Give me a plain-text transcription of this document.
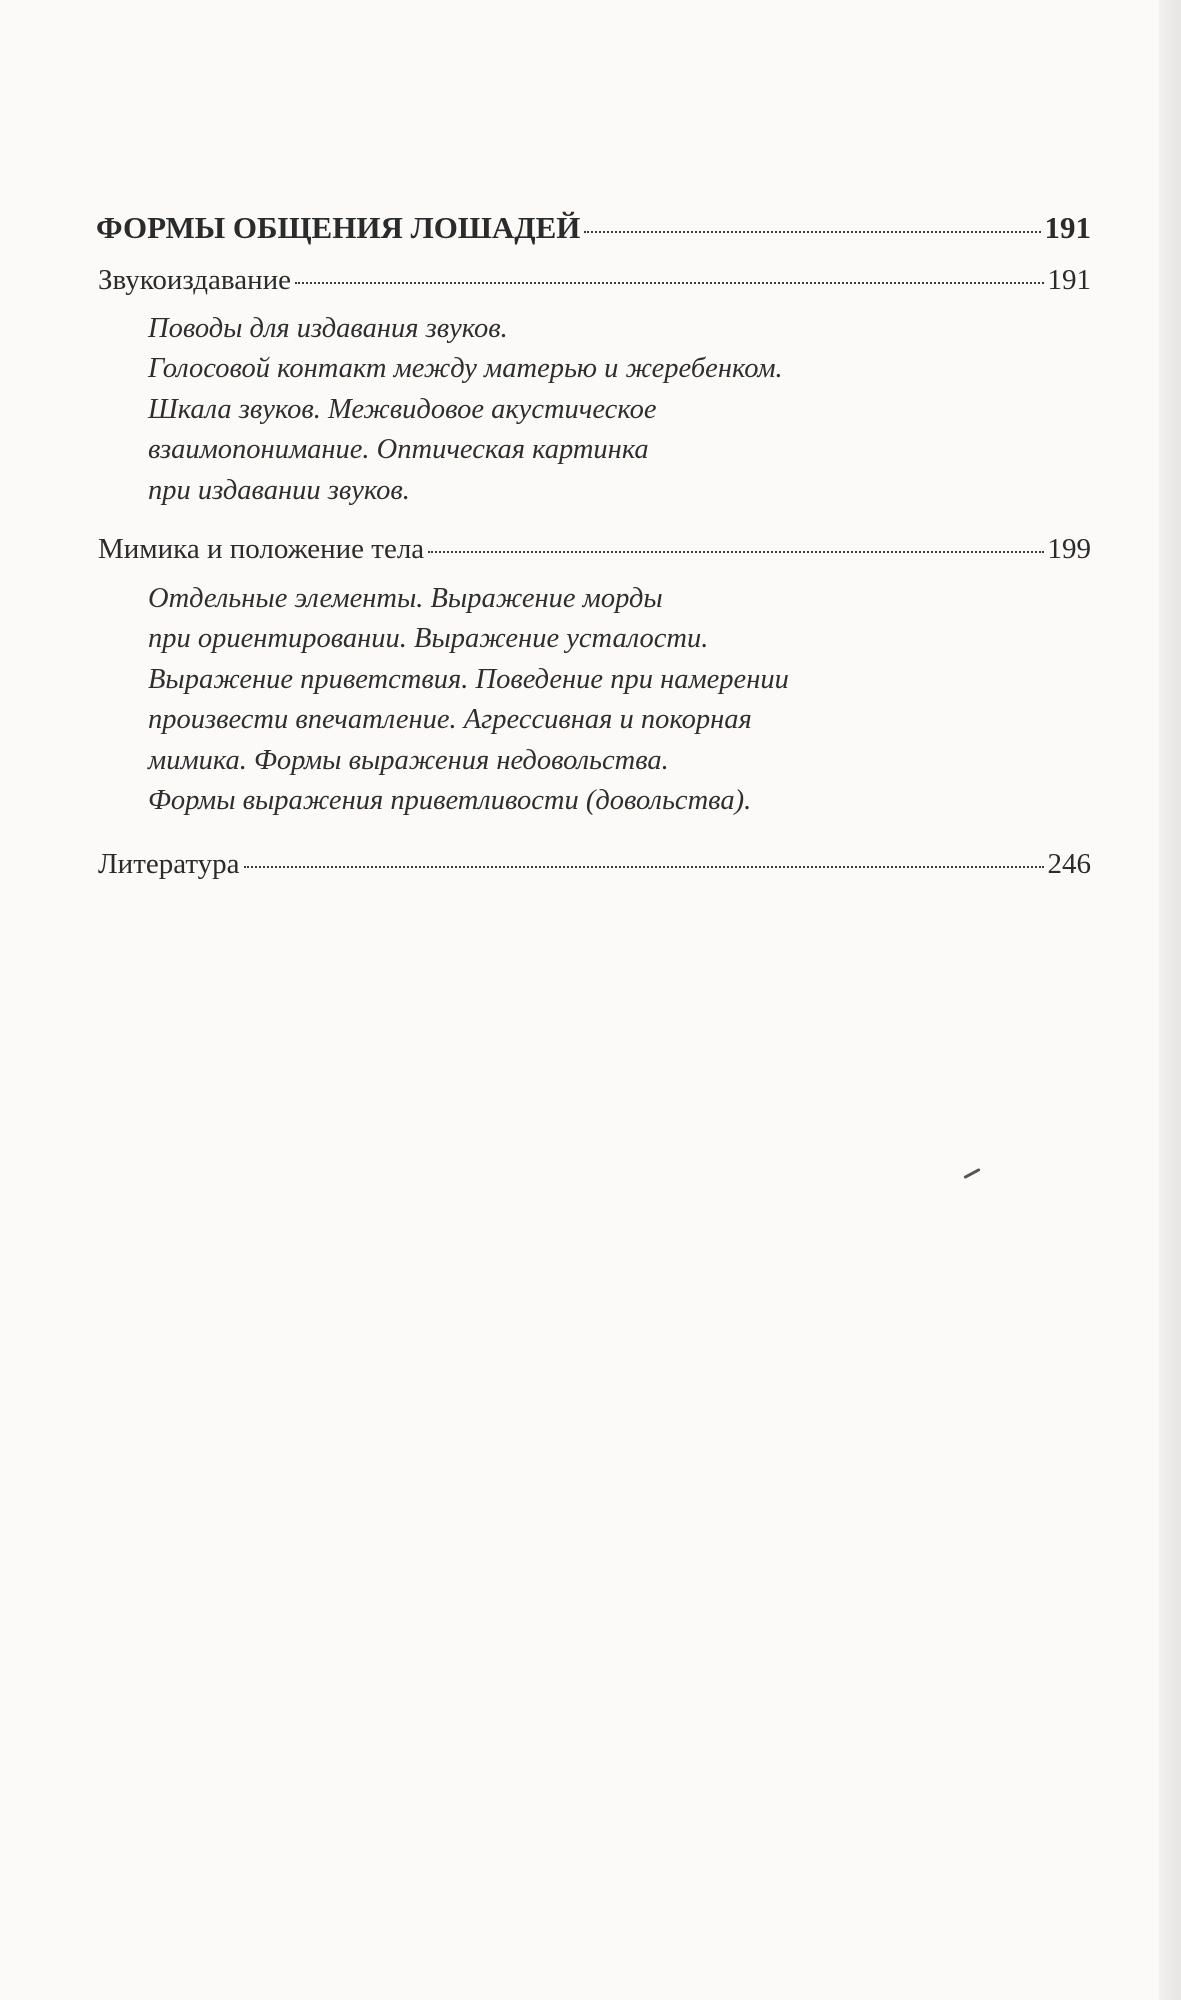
ФОРМЫ ОБЩЕНИЯ ЛОШАДЕЙ	191
Звукоиздавание	191
Поводы для издавания звуков.
Голосовой контакт между матерью и жеребенком.
Шкала звуков. Межвидовое акустическое
взаимопонимание. Оптическая картинка
при издавании звуков.
Мимика и положение тела	199
Отдельные элементы. Выражение морды
при ориентировании. Выражение усталости.
Выражение приветствия. Поведение при намерении
произвести впечатление. Агрессивная и покорная
мимика. Формы выражения недовольства.
Формы выражения приветливости (довольства).
Литература	246
